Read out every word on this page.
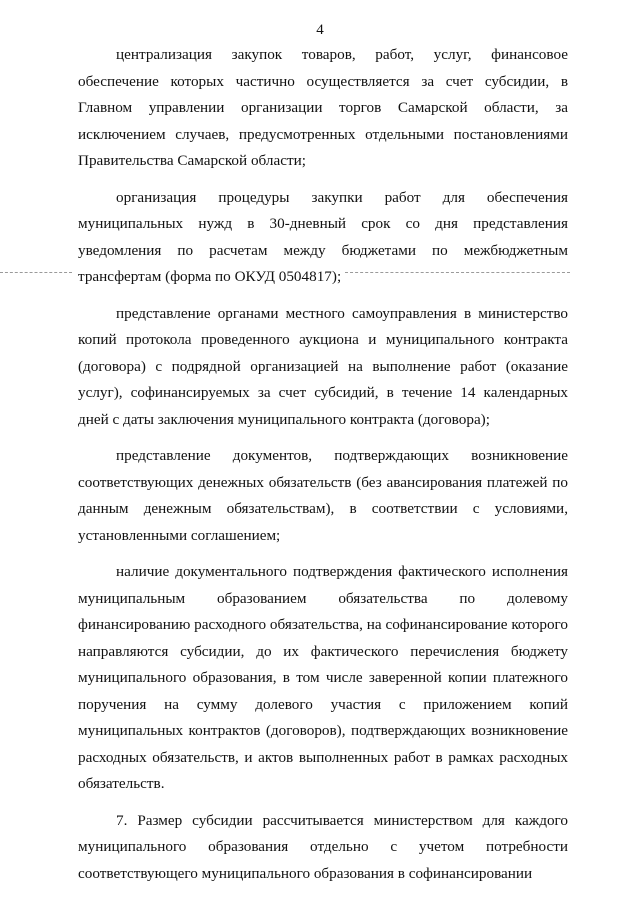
4

централизация закупок товаров, работ, услуг, финансовое обеспечение которых частично осуществляется за счет субсидии, в Главном управлении организации торгов Самарской области, за исключением случаев, предусмотренных отдельными постановлениями Правительства Самарской области;

организация процедуры закупки работ для обеспечения муниципальных нужд в 30-дневный срок со дня представления уведомления по расчетам между бюджетами по межбюджетным трансфертам (форма по ОКУД 0504817);

представление органами местного самоуправления в министерство копий протокола проведенного аукциона и муниципального контракта (договора) с подрядной организацией на выполнение работ (оказание услуг), софинансируемых за счет субсидий, в течение 14 календарных дней с даты заключения муниципального контракта (договора);

представление документов, подтверждающих возникновение соответствующих денежных обязательств (без авансирования платежей по данным денежным обязательствам), в соответствии с условиями, установленными соглашением;

наличие документального подтверждения фактического исполнения муниципальным образованием обязательства по долевому финансированию расходного обязательства, на софинансирование которого направляются субсидии, до их фактического перечисления бюджету муниципального образования, в том числе заверенной копии платежного поручения на сумму долевого участия с приложением копий муниципальных контрактов (договоров), подтверждающих возникновение расходных обязательств, и актов выполненных работ в рамках расходных обязательств.

7. Размер субсидии рассчитывается министерством для каждого муниципального образования отдельно с учетом потребности соответствующего муниципального образования в софинансировании
